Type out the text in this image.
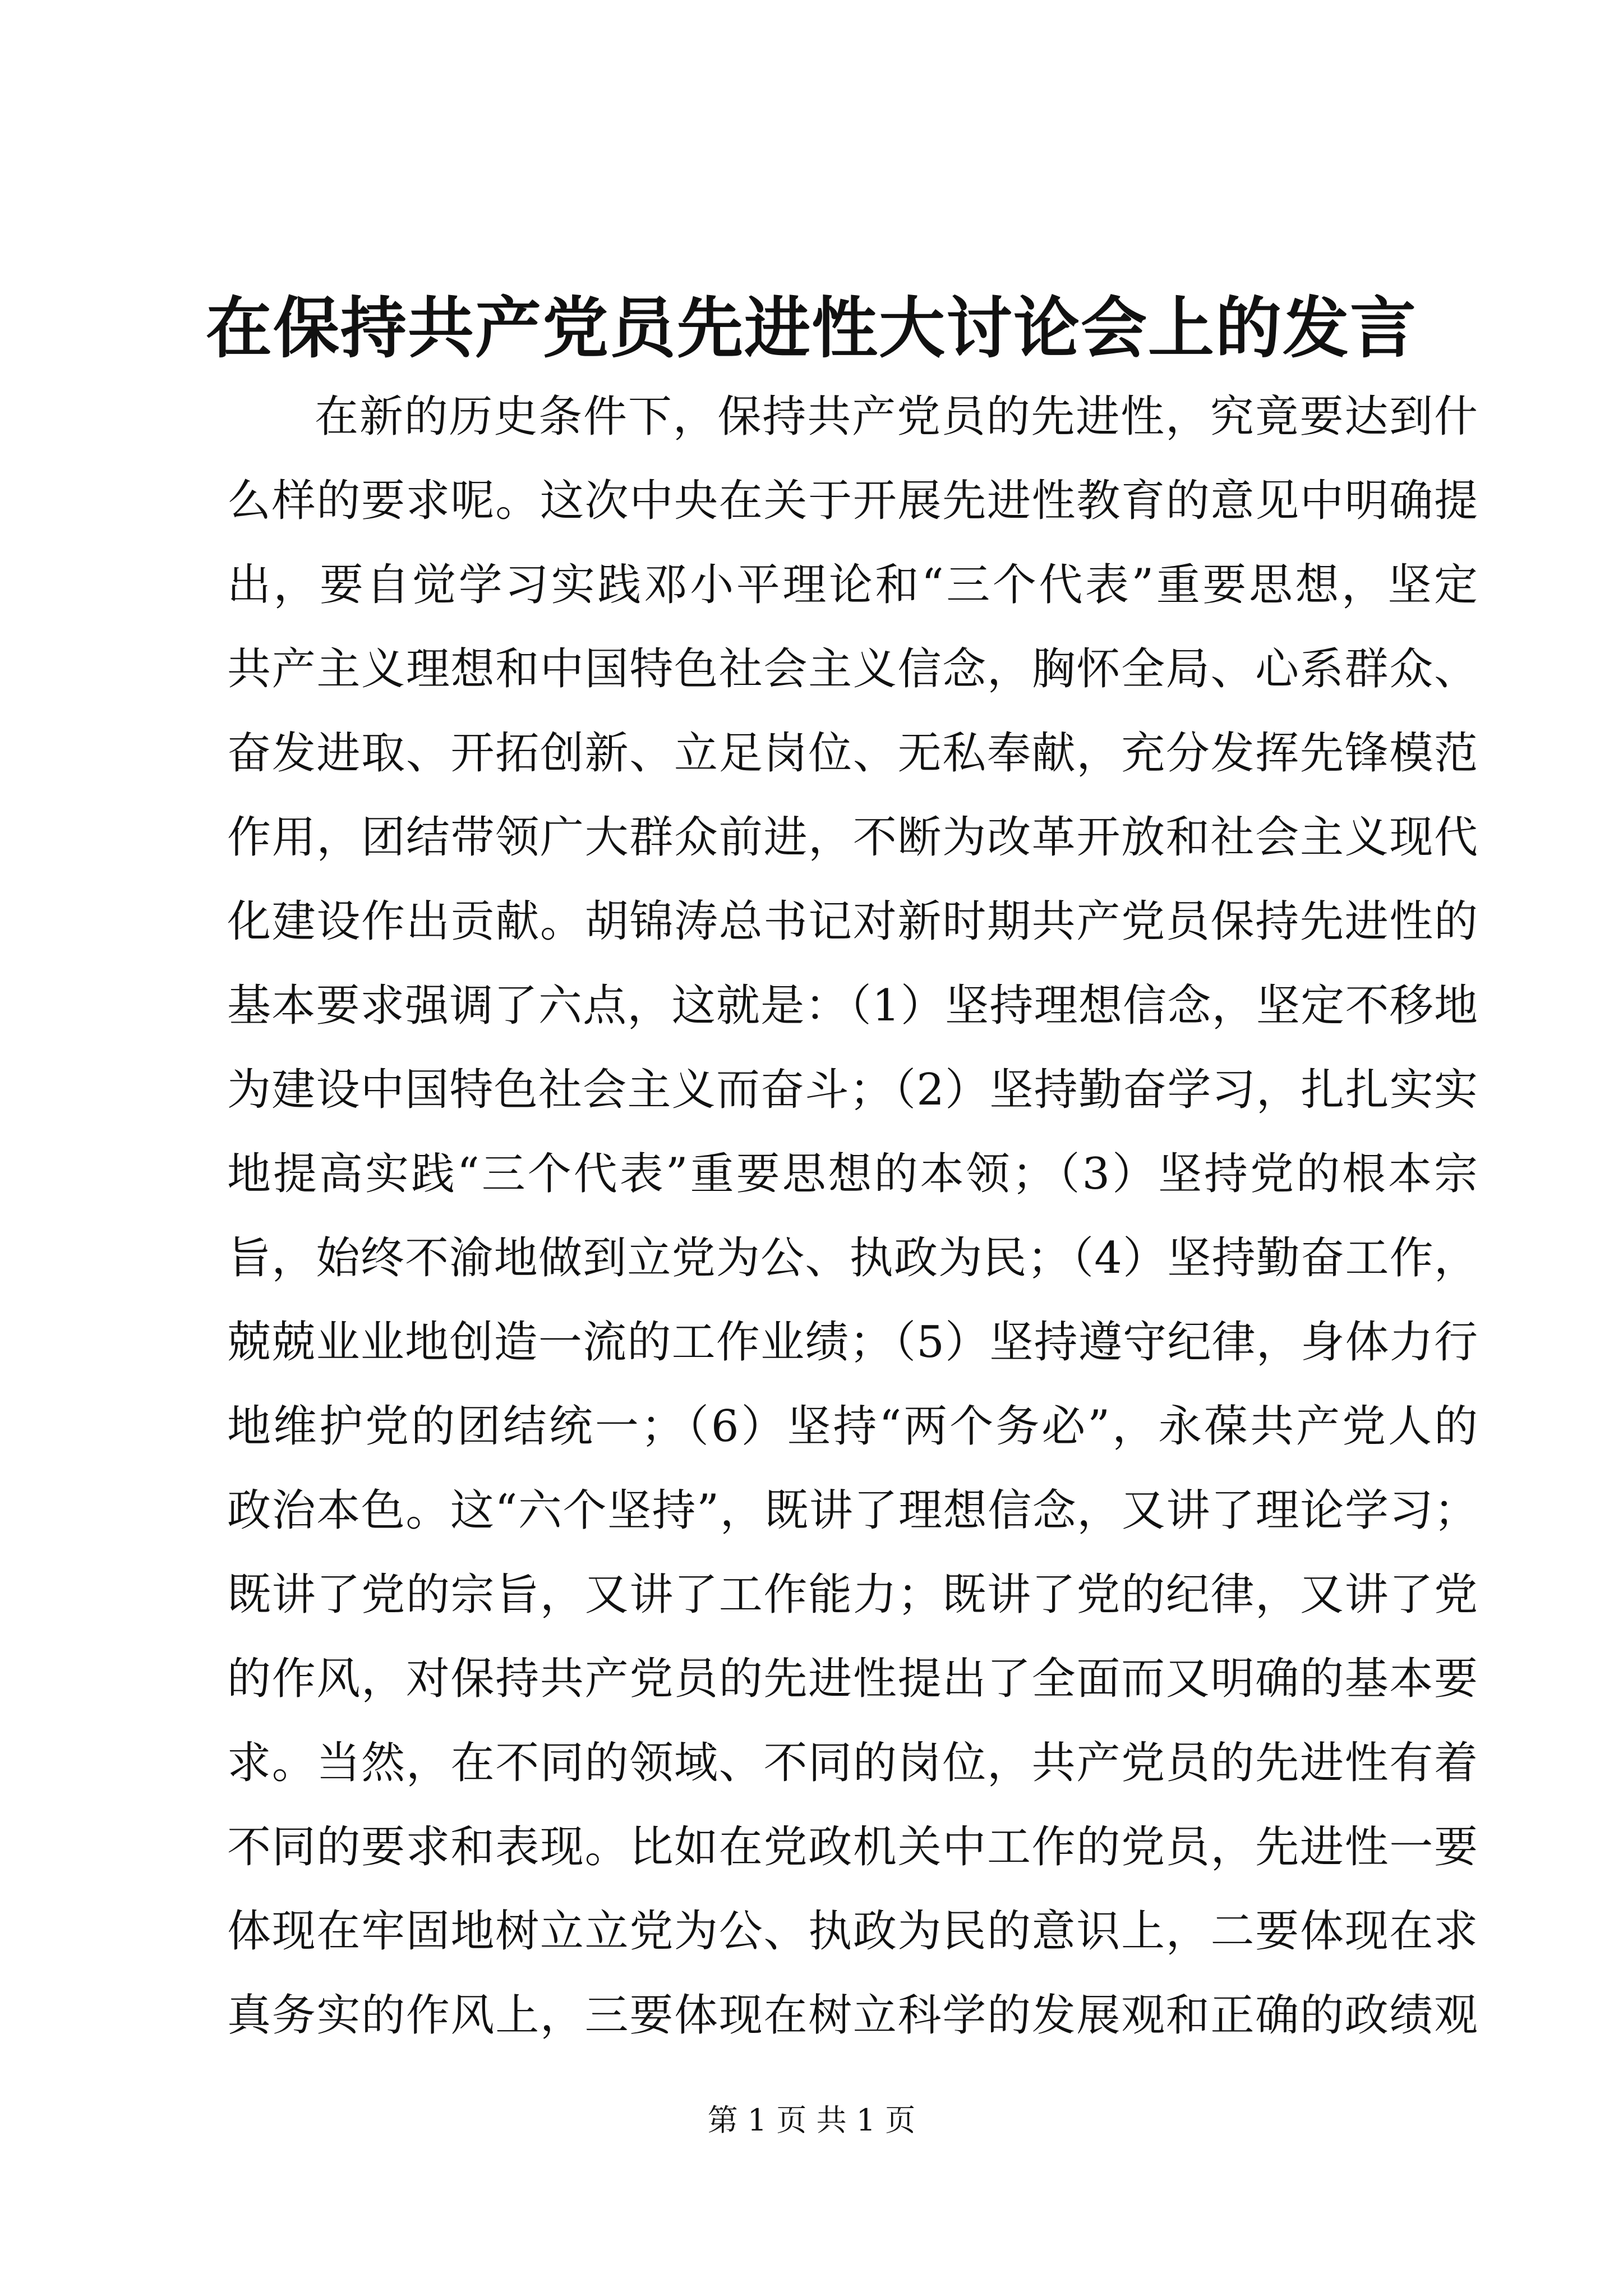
在保持共产党员先进性大讨论会上的发言
在新的历史条件下，保持共产党员的先进性，究竟要达到什
么样的要求呢。这次中央在关于开展先进性教育的意见中明确提
出，要自觉学习实践邓小平理论和“三个代表”重要思想，坚定
共产主义理想和中国特色社会主义信念，胸怀全局、心系群众、
奋发进取、开拓创新、立足岗位、无私奉献，充分发挥先锋模范
作用，团结带领广大群众前进，不断为改革开放和社会主义现代
化建设作出贡献。胡锦涛总书记对新时期共产党员保持先进性的
基本要求强调了六点，这就是：（1）坚持理想信念，坚定不移地
为建设中国特色社会主义而奋斗；（2）坚持勤奋学习，扎扎实实
地提高实践“三个代表”重要思想的本领；（3）坚持党的根本宗
旨，始终不渝地做到立党为公、执政为民；（4）坚持勤奋工作，
兢兢业业地创造一流的工作业绩；（5）坚持遵守纪律，身体力行
地维护党的团结统一；（6）坚持“两个务必”，永葆共产党人的
政治本色。这“六个坚持”，既讲了理想信念，又讲了理论学习；
既讲了党的宗旨，又讲了工作能力；既讲了党的纪律，又讲了党
的作风，对保持共产党员的先进性提出了全面而又明确的基本要
求。当然，在不同的领域、不同的岗位，共产党员的先进性有着
不同的要求和表现。比如在党政机关中工作的党员，先进性一要
体现在牢固地树立立党为公、执政为民的意识上，二要体现在求
真务实的作风上，三要体现在树立科学的发展观和正确的政绩观
第 1 页 共 1 页
